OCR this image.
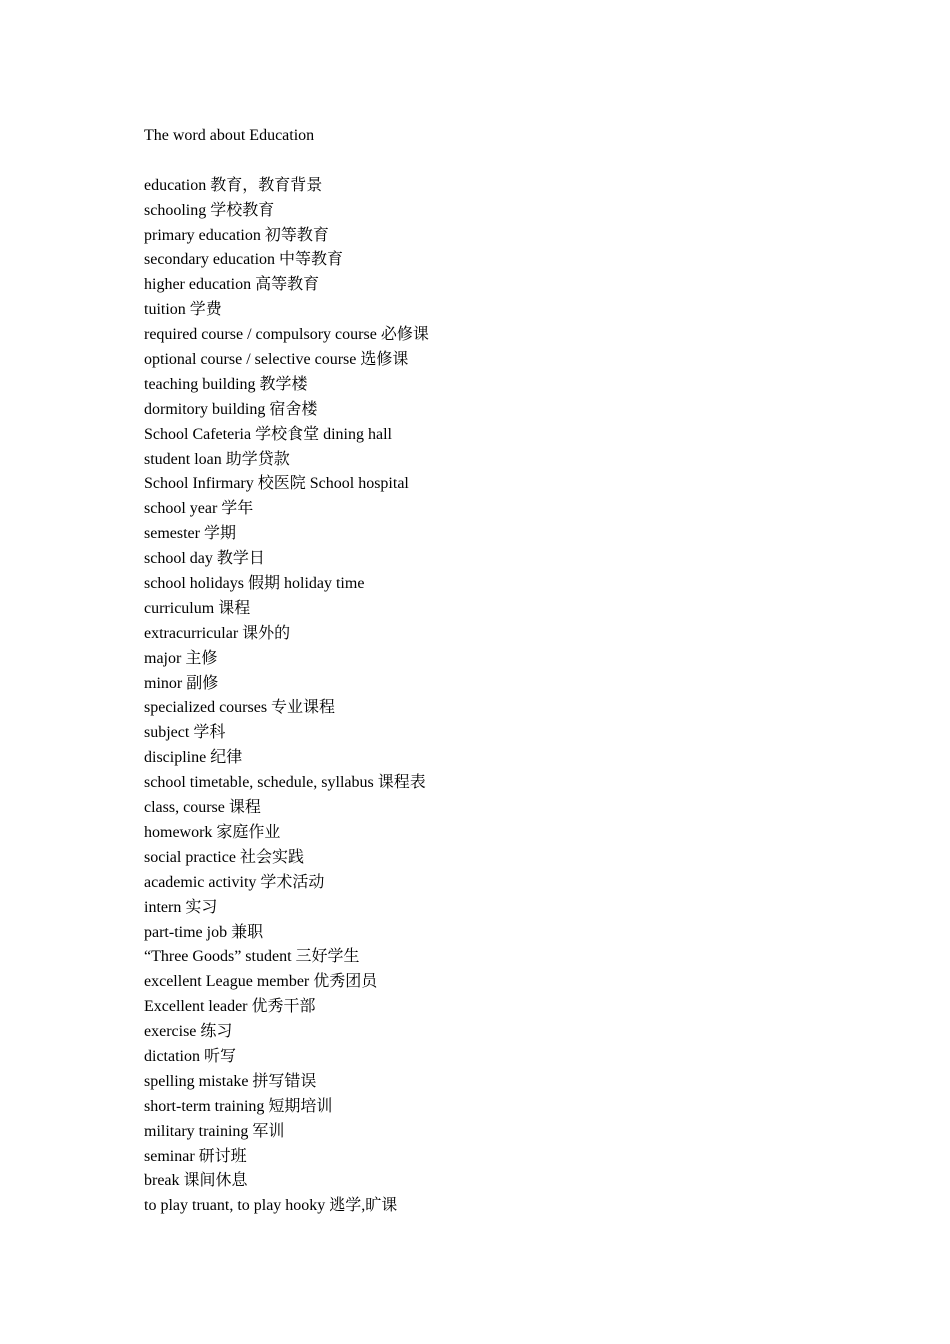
The word about Education
education 教育，教育背景
schooling 学校教育
primary education 初等教育
secondary education 中等教育
higher education 高等教育
tuition 学费
required course / compulsory course 必修课
optional course / selective course 选修课
teaching building 教学楼
dormitory building 宿舍楼
School Cafeteria 学校食堂 dining hall
student loan 助学贷款
School Infirmary 校医院 School hospital
school year 学年
semester 学期
school day 教学日
school holidays 假期 holiday time
curriculum 课程
extracurricular 课外的
major 主修
minor 副修
specialized courses 专业课程
subject 学科
discipline 纪律
school timetable, schedule, syllabus 课程表
class, course 课程
homework 家庭作业
social practice 社会实践
academic activity 学术活动
intern 实习
part-time job 兼职
“Three Goods” student 三好学生
excellent League member 优秀团员
Excellent leader 优秀干部
exercise 练习
dictation 听写
spelling mistake 拼写错误
short-term training 短期培训
military training 军训
seminar 研讨班
break 课间休息
to play truant, to play hooky 逃学,旷课
